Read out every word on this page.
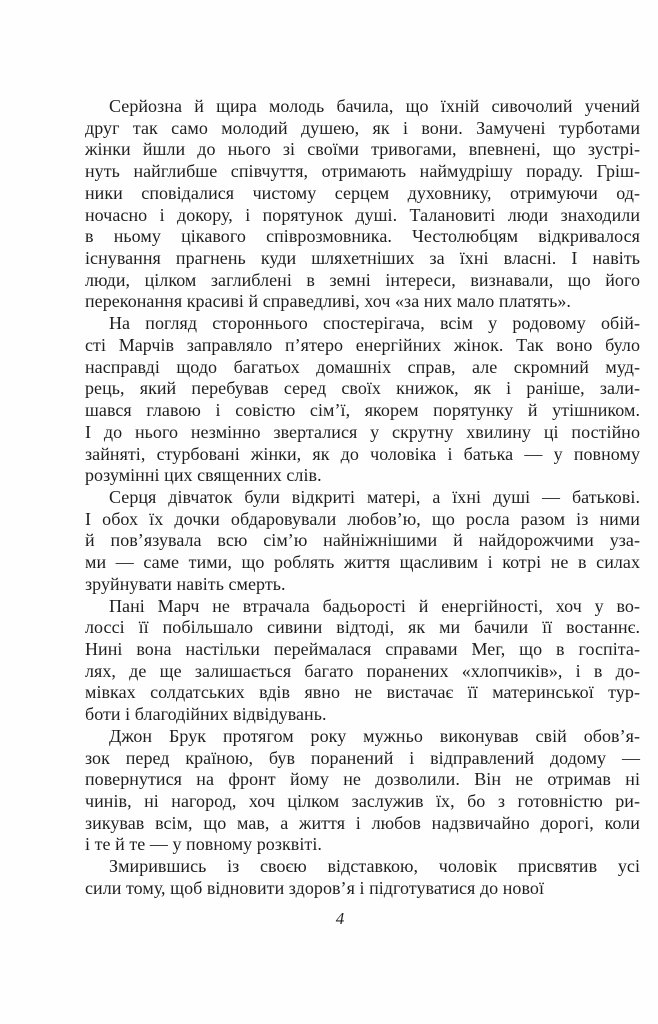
Серйозна й щира молодь бачила, що їхній сивочолий учений
друг так само молодий душею, як і вони. Замучені турботами
жінки йшли до нього зі своїми тривогами, впевнені, що зустрі-
нуть найглибше співчуття, отримають наймудрішу пораду. Гріш-
ники сповідалися чистому серцем духовнику, отримуючи од-
ночасно і докору, і порятунок душі. Талановиті люди знаходили
в ньому цікавого співрозмовника. Честолюбцям відкривалося
існування прагнень куди шляхетніших за їхні власні. І навіть
люди, цілком заглиблені в земні інтереси, визнавали, що його
переконання красиві й справедливі, хоч «за них мало платять».
На погляд стороннього спостерігача, всім у родовому обій-
сті Марчів заправляло п’ятеро енергійних жінок. Так воно було
насправді щодо багатьох домашніх справ, але скромний муд-
рець, який перебував серед своїх книжок, як і раніше, зали-
шався главою і совістю сім’ї, якорем порятунку й утішником.
І до нього незмінно зверталися у скрутну хвилину ці постійно
зайняті, стурбовані жінки, як до чоловіка і батька — у повному
розумінні цих священних слів.
Серця дівчаток були відкриті матері, а їхні душі — батькові.
І обох їх дочки обдаровували любов’ю, що росла разом із ними
й пов’язувала всю сім’ю найніжнішими й найдорожчими уза-
ми — саме тими, що роблять життя щасливим і котрі не в силах
зруйнувати навіть смерть.
Пані Марч не втрачала бадьорості й енергійності, хоч у во-
лоссі її побільшало сивини відтоді, як ми бачили її востаннє.
Нині вона настільки переймалася справами Мег, що в госпіта-
лях, де ще залишається багато поранених «хлопчиків», і в до-
мівках солдатських вдів явно не вистачає її материнської тур-
боти і благодійних відвідувань.
Джон Брук протягом року мужньо виконував свій обов’я-
зок перед країною, був поранений і відправлений додому —
повернутися на фронт йому не дозволили. Він не отримав ні
чинів, ні нагород, хоч цілком заслужив їх, бо з готовністю ри-
зикував всім, що мав, а життя і любов надзвичайно дорогі, коли
і те й те — у повному розквіті.
Змирившись із своєю відставкою, чоловік присвятив усі
сили тому, щоб відновити здоров’я і підготуватися до нової
4
